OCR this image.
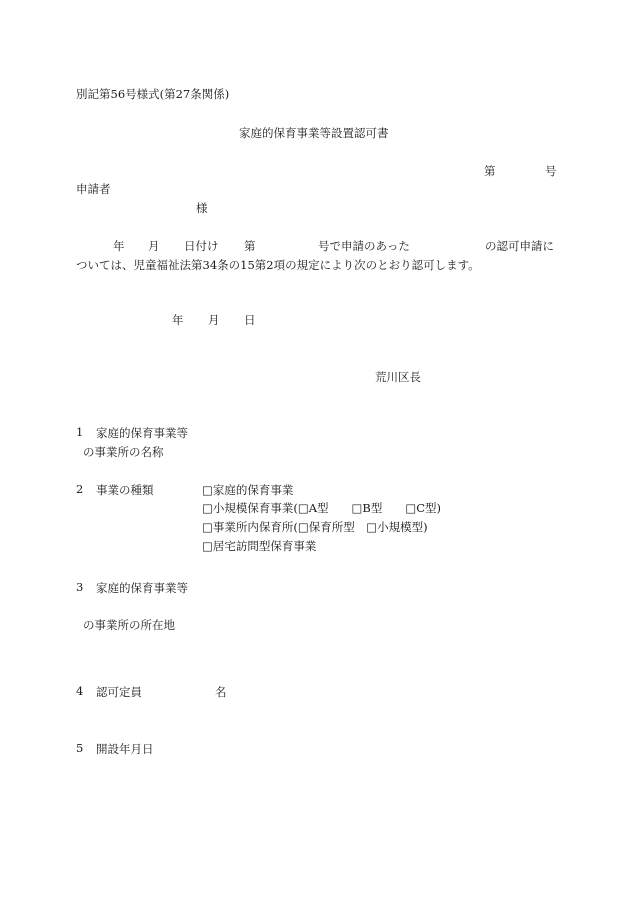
別記第56号様式(第27条関係)
家庭的保育事業等設置認可書
第	号
申請者
様
年 月 日付け 第	号で申請のあった	の認可申請に
ついては、児童福祉法第34条の15第2項の規定により次のとおり認可します。
年 月 日
荒川区長
1 家庭的保育事業等
の事業所の名称
2 事業の種類	□家庭的保育事業
□小規模保育事業(□A型　　□B型　　□C型)
□事業所内保育所(□保育所型　□小規模型)
□居宅訪問型保育事業
3 家庭的保育事業等
の事業所の所在地
4 認可定員	名
5 開設年月日
